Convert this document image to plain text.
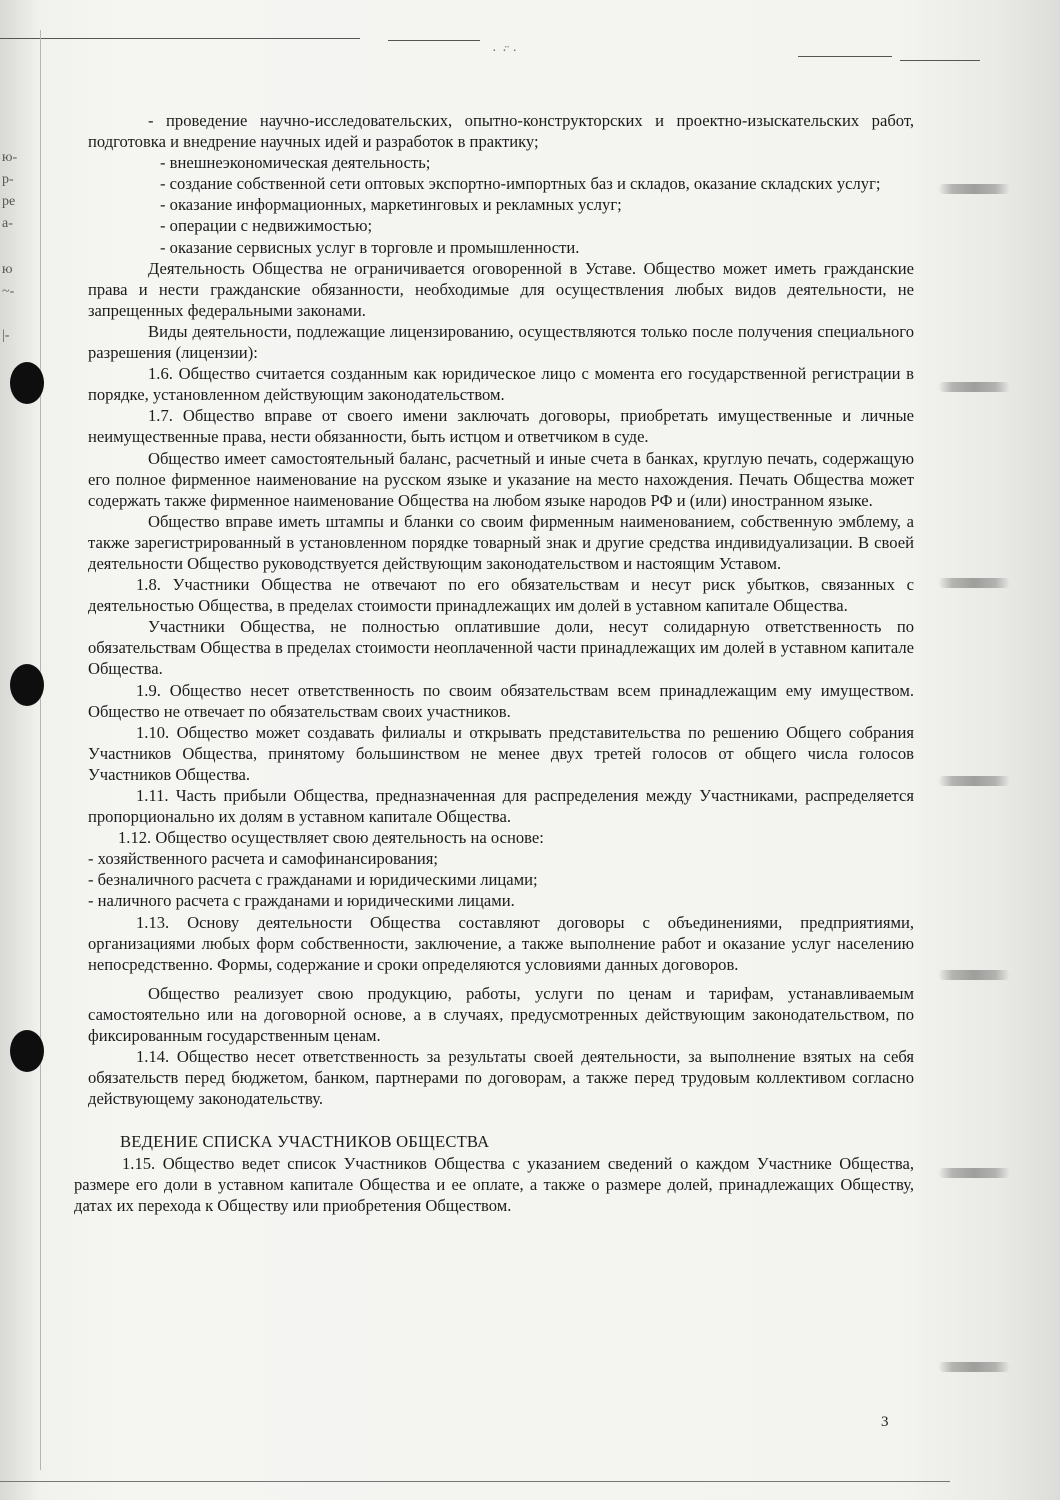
· ·̈ ·
ю-
р-
ре
а-
ю
~-
|-

- проведение научно-исследовательских, опытно-конструкторских и проектно-изыскательских работ, подготовка и внедрение научных идей и разработок в практику;

- внешнеэкономическая деятельность;

- создание собственной сети оптовых экспортно-импортных баз и складов, оказание складских услуг;

- оказание информационных, маркетинговых и рекламных услуг;

- операции с недвижимостью;

- оказание сервисных услуг в торговле и промышленности.

Деятельность Общества не ограничивается оговоренной в Уставе. Общество может иметь гражданские права и нести гражданские обязанности, необходимые для осуществления любых видов деятельности, не запрещенных федеральными законами.

Виды деятельности, подлежащие лицензированию, осуществляются только после получения специального разрешения (лицензии):

1.6. Общество считается созданным как юридическое лицо с момента его государственной регистрации в порядке, установленном действующим законодательством.

1.7. Общество вправе от своего имени заключать договоры, приобретать имущественные и личные неимущественные права, нести обязанности, быть истцом и ответчиком в суде.

Общество имеет самостоятельный баланс, расчетный и иные счета в банках, круглую печать, содержащую его полное фирменное наименование на русском языке и указание на место нахождения. Печать Общества может содержать также фирменное наименование Общества на любом языке народов РФ и (или) иностранном языке.

Общество вправе иметь штампы и бланки со своим фирменным наименованием, собственную эмблему, а также зарегистрированный в установленном порядке товарный знак и другие средства индивидуализации. В своей деятельности Общество руководствуется действующим законодательством и настоящим Уставом.

1.8. Участники Общества не отвечают по его обязательствам и несут риск убытков, связанных с деятельностью Общества, в пределах стоимости принадлежащих им долей в уставном капитале Общества.

Участники Общества, не полностью оплатившие доли, несут солидарную ответственность по обязательствам Общества в пределах стоимости неоплаченной части принадлежащих им долей в уставном капитале Общества.

1.9. Общество несет ответственность по своим обязательствам всем принадлежащим ему имуществом. Общество не отвечает по обязательствам своих участников.

1.10. Общество может создавать филиалы и открывать представительства по решению Общего собрания Участников Общества, принятому большинством не менее двух третей голосов от общего числа голосов Участников Общества.

1.11. Часть прибыли Общества, предназначенная для распределения между Участниками, распределяется пропорционально их долям в уставном капитале Общества.

1.12. Общество осуществляет свою деятельность на основе:

- хозяйственного расчета и самофинансирования;

- безналичного расчета с гражданами и юридическими лицами;

- наличного расчета с гражданами и юридическими лицами.

1.13. Основу деятельности Общества составляют договоры с объединениями, предприятиями, организациями любых форм собственности, заключение, а также выполнение работ и оказание услуг населению непосредственно. Формы, содержание и сроки определяются условиями данных договоров.

Общество реализует свою продукцию, работы, услуги по ценам и тарифам, устанавливаемым самостоятельно или на договорной основе, а в случаях, предусмотренных действующим законодательством, по фиксированным государственным ценам.

1.14. Общество несет ответственность за результаты своей деятельности, за выполнение взятых на себя обязательств перед бюджетом, банком, партнерами по договорам, а также перед трудовым коллективом согласно действующему законодательству.

ВЕДЕНИЕ СПИСКА УЧАСТНИКОВ ОБЩЕСТВА

1.15. Общество ведет список Участников Общества с указанием сведений о каждом Участнике Общества, размере его доли в уставном капитале Общества и ее оплате, а также о размере долей, принадлежащих Обществу, датах их перехода к Обществу или приобретения Обществом.

3
